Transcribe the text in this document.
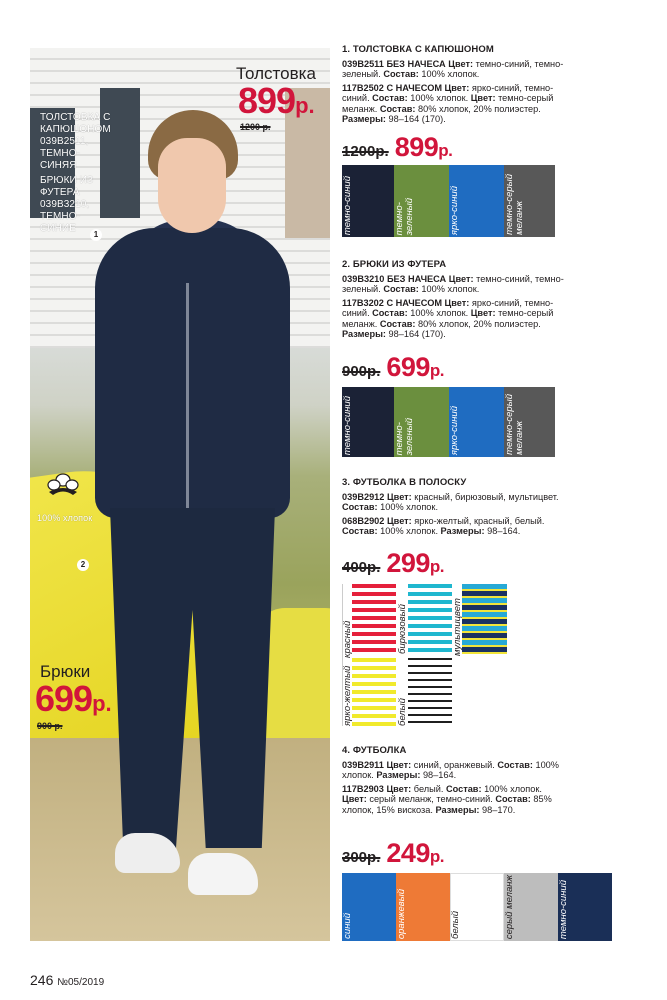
ТОЛСТОВКА С КАПЮШОНОМ 039В2511, ТЕМНО-СИНЯЯ
БРЮКИ ИЗ ФУТЕРА 039В3210, ТЕМНО-СИНИЕ
1
2
100% хлопок
Толстовка
899р.
1200 р.
Брюки
699р.
900 р.
1. ТОЛСТОВКА С КАПЮШОНОМ
039В2511 БЕЗ НАЧЕСА Цвет: темно-синий, темно-зеленый. Состав: 100% хлопок.
117В2502 С НАЧЕСОМ Цвет: ярко-синий, темно-синий. Состав: 100% хлопок. Цвет: темно-серый меланж. Состав: 80% хлопок, 20% полиэстер. Размеры: 98–164 (170).
1200р. 899р.
темно-синий	темно-
зеленый	ярко-синий	темно-серый
меланж
2. БРЮКИ ИЗ ФУТЕРА
039В3210 БЕЗ НАЧЕСА Цвет: темно-синий, темно-зеленый. Состав: 100% хлопок.
117В3202 С НАЧЕСОМ Цвет: ярко-синий, темно-синий. Состав: 100% хлопок. Цвет: темно-серый меланж. Состав: 80% хлопок, 20% полиэстер. Размеры: 98–164 (170).
900р. 699р.
темно-синий	темно-
зеленый	ярко-синий	темно-серый
меланж
3. ФУТБОЛКА В ПОЛОСКУ
039В2912 Цвет: красный, бирюзовый, мультицвет. Состав: 100% хлопок.
068В2902 Цвет: ярко-желтый, красный, белый. Состав: 100% хлопок. Размеры: 98–164.
400р. 299р.
красный	бирюзовый	мультицвет
ярко-желтый	белый
4. ФУТБОЛКА
039В2911 Цвет: синий, оранжевый. Состав: 100% хлопок. Размеры: 98–164.
117В2903 Цвет: белый. Состав: 100% хлопок. Цвет: серый меланж, темно-синий. Состав: 85% хлопок, 15% вискоза. Размеры: 98–170.
300р. 249р.
синий	оранжевый	белый	серый меланж	темно-синий
246 №05/2019
